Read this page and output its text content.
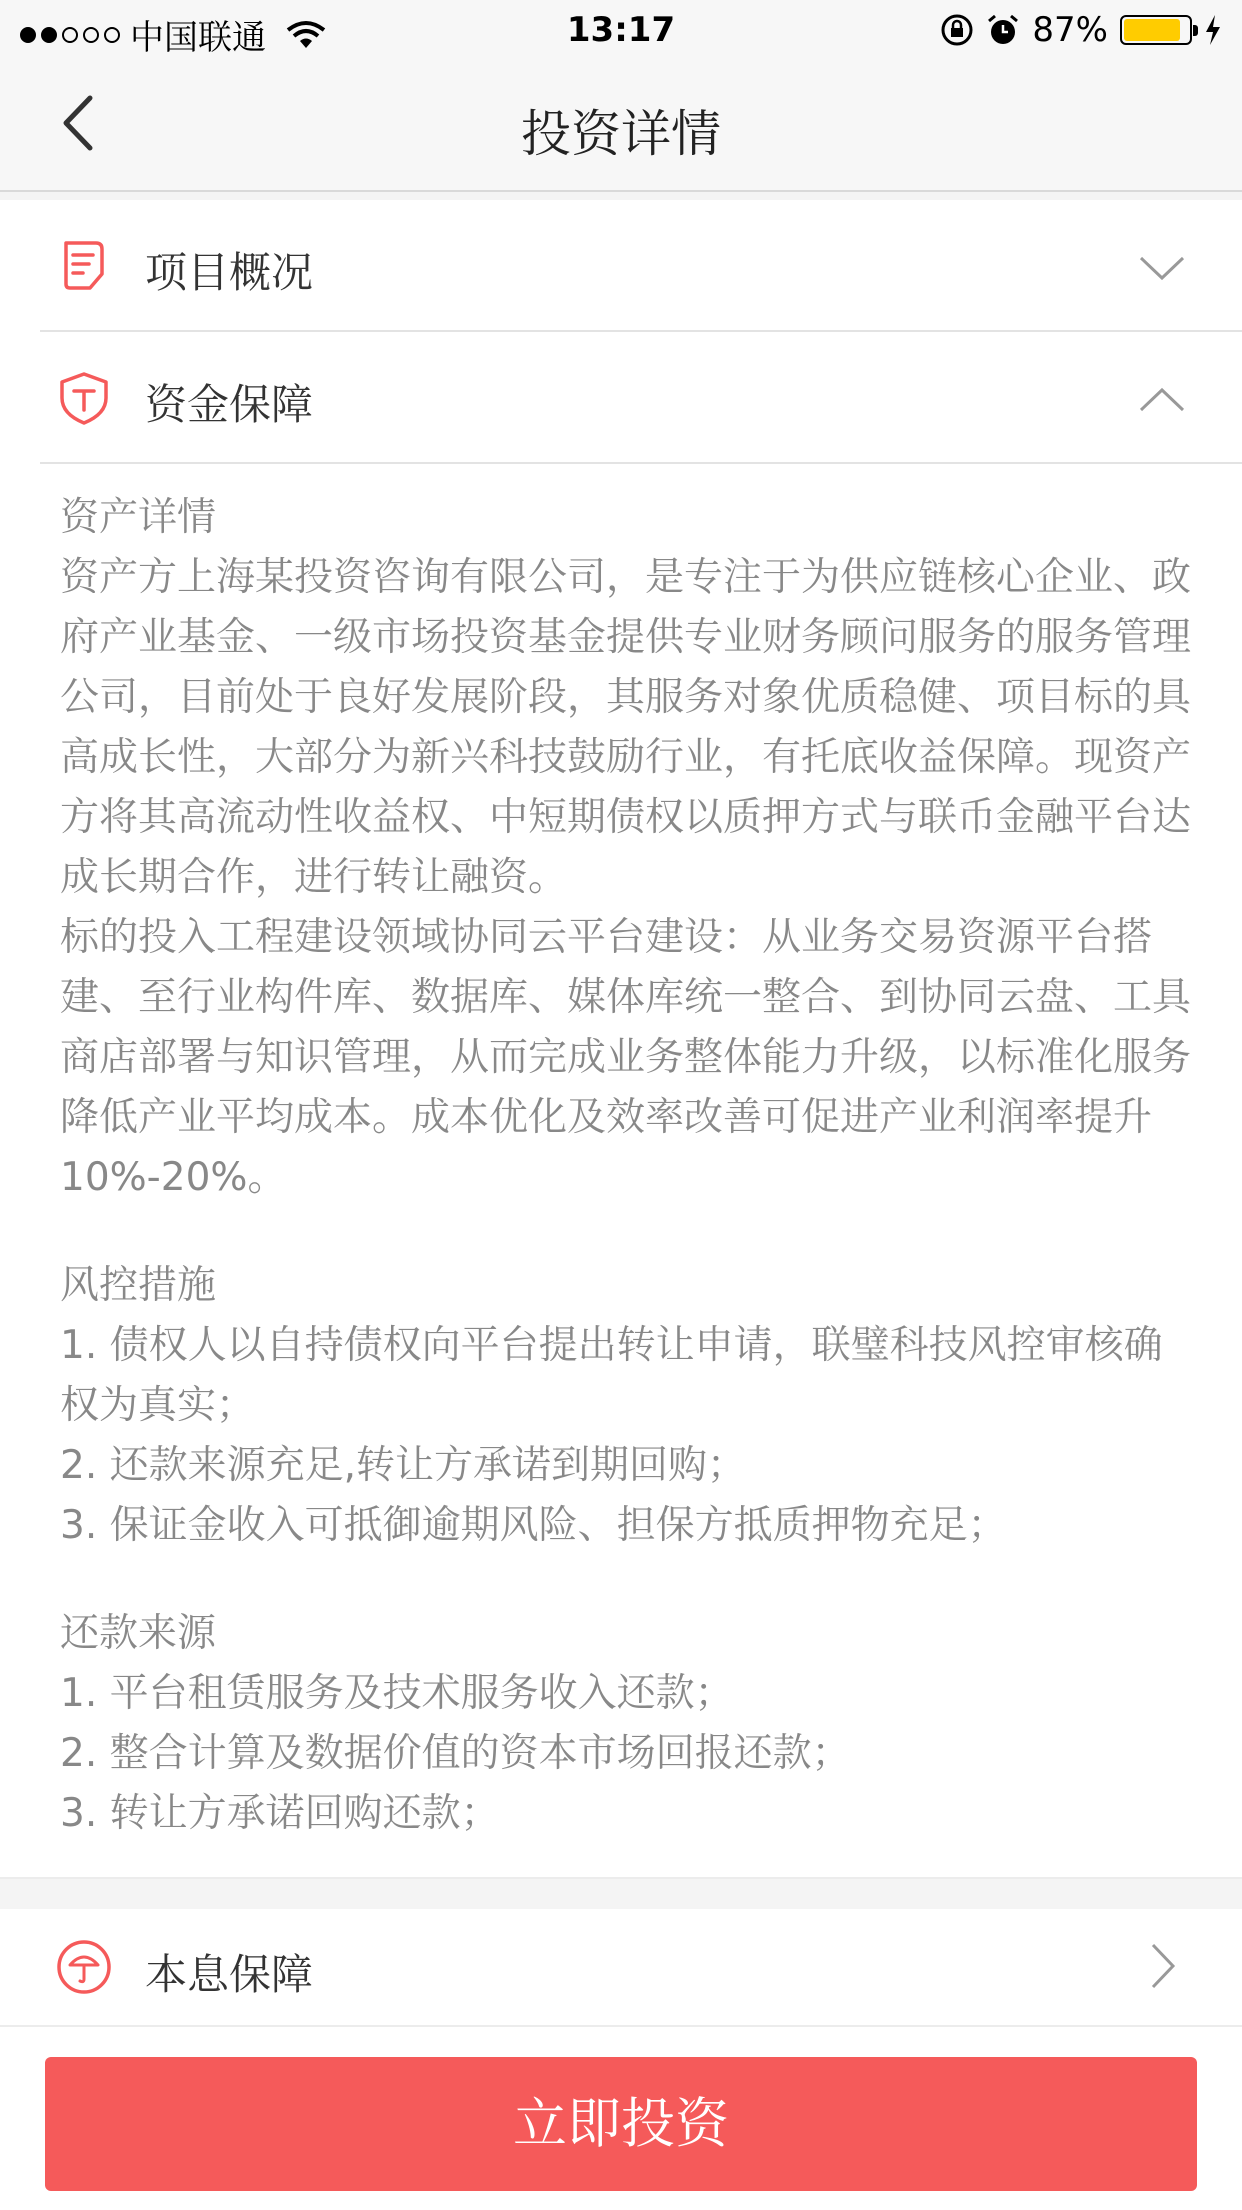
中国联通	13:17	87%
投资详情
项目概况
资金保障

资产详情

资产方上海某投资咨询有限公司，是专注于为供应链核心企业、政府产业基金、一级市场投资基金提供专业财务顾问服务的服务管理公司，目前处于良好发展阶段，其服务对象优质稳健、项目标的具高成长性，大部分为新兴科技鼓励行业，有托底收益保障。现资产方将其高流动性收益权、中短期债权以质押方式与联币金融平台达成长期合作，进行转让融资。

标的投入工程建设领域协同云平台建设：从业务交易资源平台搭建、至行业构件库、数据库、媒体库统一整合、到协同云盘、工具商店部署与知识管理，从而完成业务整体能力升级，以标准化服务降低产业平均成本。成本优化及效率改善可促进产业利润率提升10%-20%。

风控措施

1. 债权人以自持债权向平台提出转让申请，联璧科技风控审核确权为真实；

2. 还款来源充足,转让方承诺到期回购；

3. 保证金收入可抵御逾期风险、担保方抵质押物充足；

还款来源

1. 平台租赁服务及技术服务收入还款；

2. 整合计算及数据价值的资本市场回报还款；

3. 转让方承诺回购还款；

本息保障
立即投资
